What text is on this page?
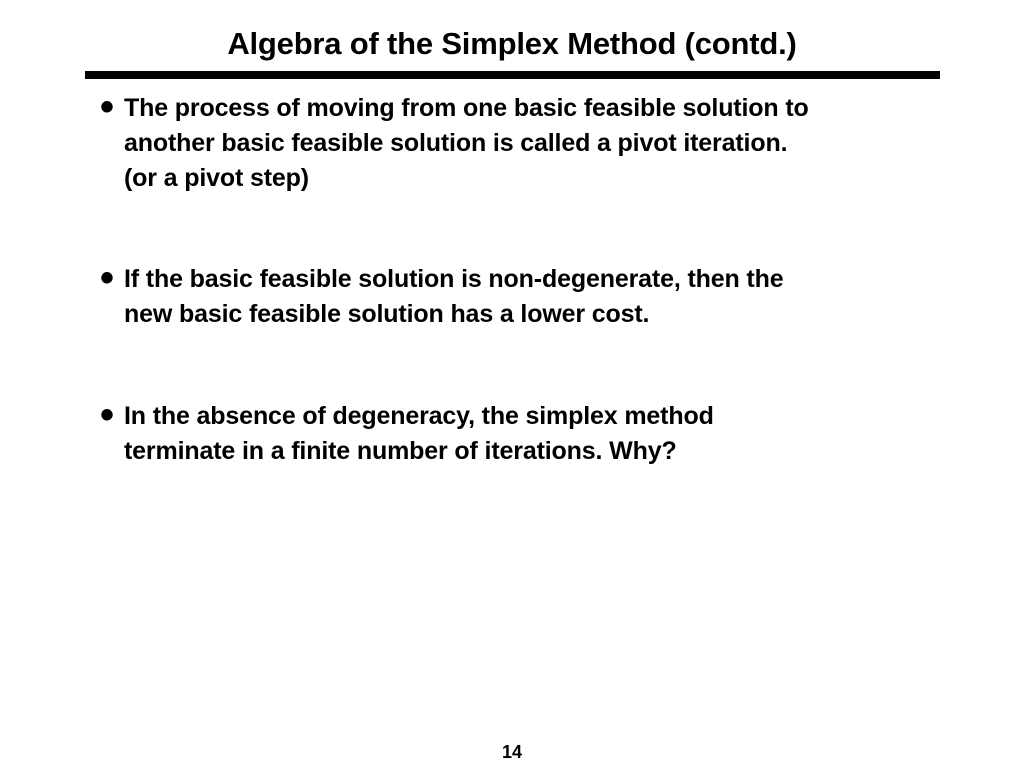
Algebra of the Simplex Method (contd.)
• The process of moving from one basic feasible solution to
another basic feasible solution is called a pivot iteration.
(or a pivot step)
• If the basic feasible solution is non-degenerate, then the
new basic feasible solution has a lower cost.
• In the absence of degeneracy, the simplex method
terminate in a finite number of iterations. Why?
14
